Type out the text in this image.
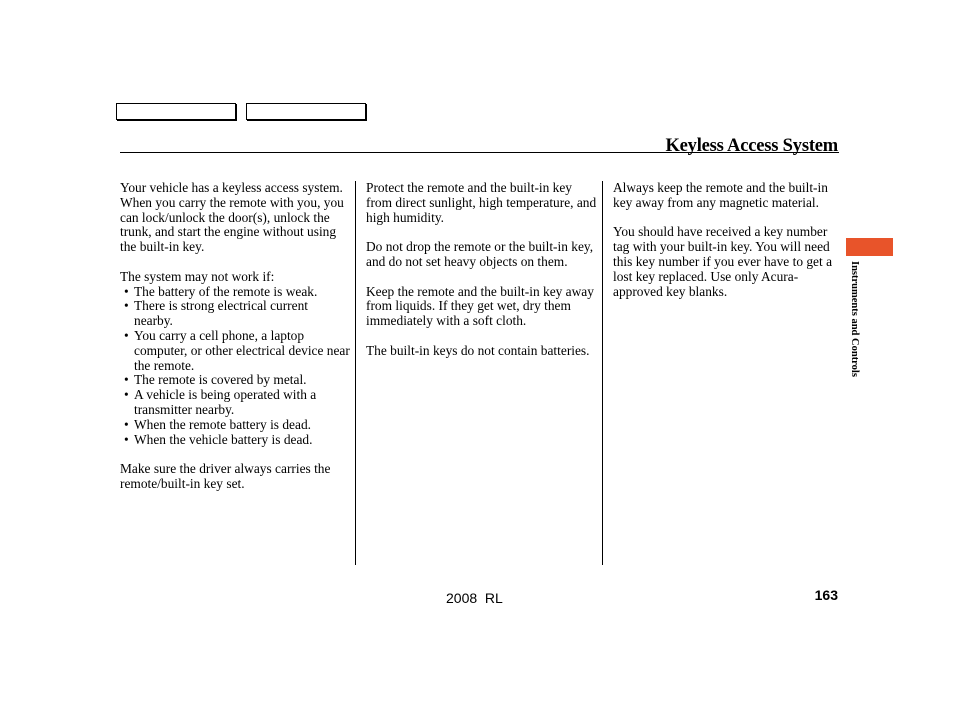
Keyless Access System

Your vehicle has a keyless access system. When you carry the remote with you, you can lock/unlock the door(s), unlock the trunk, and start the engine without using the built-in key.

The system may not work if:
• The battery of the remote is weak.
• There is strong electrical current nearby.
• You carry a cell phone, a laptop computer, or other electrical device near the remote.
• The remote is covered by metal.
• A vehicle is being operated with a transmitter nearby.
• When the remote battery is dead.
• When the vehicle battery is dead.

Make sure the driver always carries the remote/built-in key set.

Protect the remote and the built-in key from direct sunlight, high temperature, and high humidity.

Do not drop the remote or the built-in key, and do not set heavy objects on them.

Keep the remote and the built-in key away from liquids. If they get wet, dry them immediately with a soft cloth.

The built-in keys do not contain batteries.

Always keep the remote and the built-in key away from any magnetic material.

You should have received a key number tag with your built-in key. You will need this key number if you ever have to get a lost key replaced. Use only Acura-approved key blanks.	Instruments and Controls
2008  RL	163
